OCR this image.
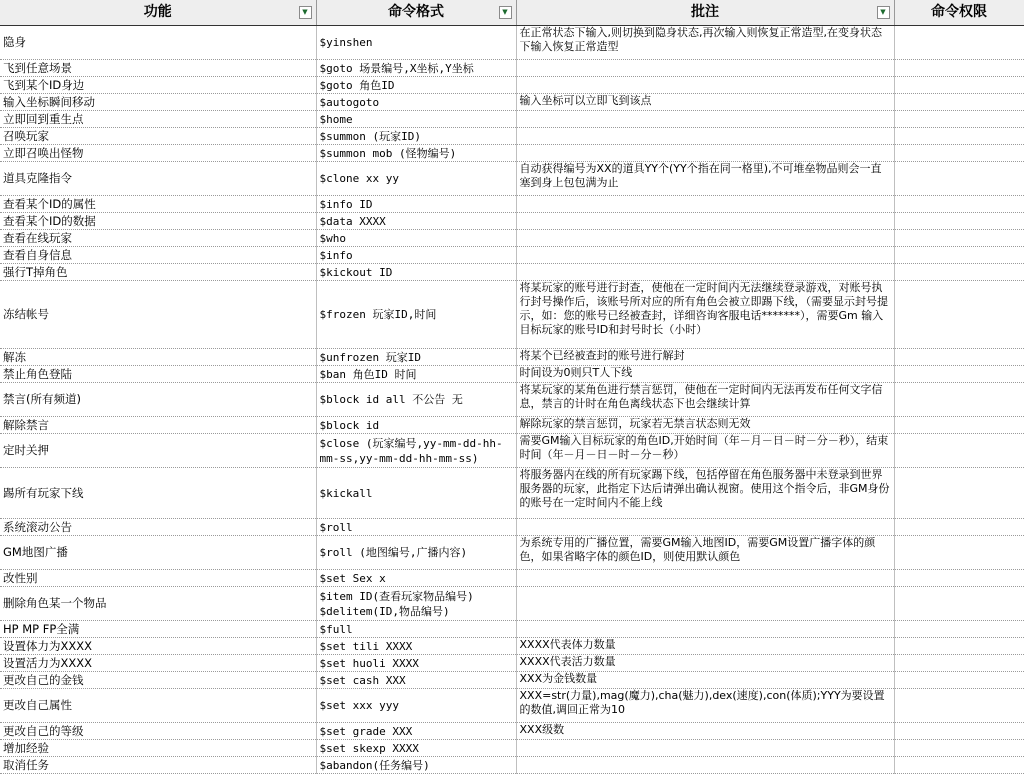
功能 ▼	命令格式 ▼	批注 ▼	命令权限
隐身	$yinshen	在正常状态下输入,则切换到隐身状态,再次输入则恢复正常造型,在变身状态下输入恢复正常造型	
飞到任意场景	$goto 场景编号,X坐标,Y坐标		
飞到某个ID身边	$goto 角色ID		
输入坐标瞬间移动	$autogoto	输入坐标可以立即飞到该点	
立即回到重生点	$home		
召唤玩家	$summon (玩家ID)		
立即召唤出怪物	$summon mob (怪物编号)		
道具克隆指令	$clone xx yy	自动获得编号为XX的道具YY个(YY个指在同一格里),不可堆垒物品则会一直塞到身上包包满为止	
查看某个ID的属性	$info ID		
查看某个ID的数据	$data XXXX		
查看在线玩家	$who		
查看自身信息	$info		
强行T掉角色	$kickout ID		
冻结帐号	$frozen 玩家ID,时间	将某玩家的账号进行封查，使他在一定时间内无法继续登录游戏，对账号执行封号操作后，该账号所对应的所有角色会被立即踢下线，（需要显示封号提示，如：您的账号已经被查封，详细咨询客服电话*******），需要Gm 输入目标玩家的账号ID和封号时长（小时）	
解冻	$unfrozen 玩家ID	将某个已经被查封的账号进行解封	
禁止角色登陆	$ban 角色ID 时间	时间设为0则只T人下线	
禁言(所有频道)	$block id all 不公告 无	将某玩家的某角色进行禁言惩罚，使他在一定时间内无法再发布任何文字信息，禁言的计时在角色离线状态下也会继续计算	
解除禁言	$block id	解除玩家的禁言惩罚，玩家若无禁言状态则无效	
定时关押	$close (玩家编号,yy-mm-dd-hh-mm-ss,yy-mm-dd-hh-mm-ss)	需要GM输入目标玩家的角色ID,开始时间（年－月－日－时－分－秒），结束时间（年－月－日－时－分－秒）	
踢所有玩家下线	$kickall	将服务器内在线的所有玩家踢下线，包括停留在角色服务器中未登录到世界服务器的玩家，此指定下达后请弹出确认视窗。使用这个指令后，非GM身份的账号在一定时间内不能上线	
系统滚动公告	$roll		
GM地图广播	$roll (地图编号,广播内容)	为系统专用的广播位置，需要GM输入地图ID，需要GM设置广播字体的颜色，如果省略字体的颜色ID，则使用默认颜色	
改性别	$set Sex x		
删除角色某一个物品	$item ID(查看玩家物品编号) $delitem(ID,物品编号)		
HP MP FP全满	$full		
设置体力为XXXX	$set tili XXXX	XXXX代表体力数量	
设置活力为XXXX	$set huoli XXXX	XXXX代表活力数量	
更改自己的金钱	$set cash XXX	XXX为金钱数量	
更改自己属性	$set xxx yyy	XXX=str(力量),mag(魔力),cha(魅力),dex(速度),con(体质);YYY为要设置的数值,调回正常为10	
更改自己的等级	$set grade XXX	XXX级数	
增加经验	$set skexp XXXX		
取消任务	$abandon(任务编号)		
